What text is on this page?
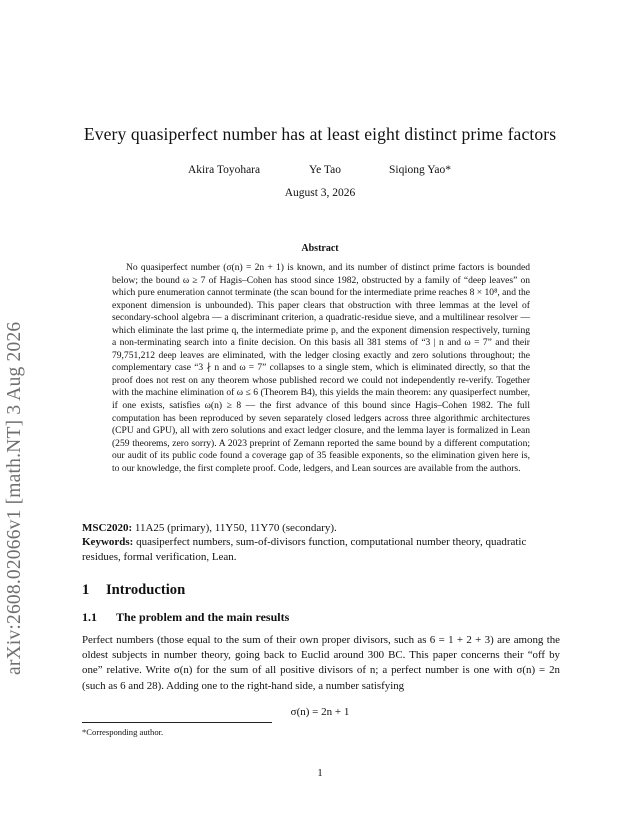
arXiv:2608.02066v1 [math.NT] 3 Aug 2026
Every quasiperfect number has at least eight distinct prime factors
Akira Toyohara	Ye Tao	Siqiong Yao*
August 3, 2026
Abstract

No quasiperfect number (σ(n) = 2n + 1) is known, and its number of distinct prime factors is bounded below; the bound ω ≥ 7 of Hagis–Cohen has stood since 1982, obstructed by a family of “deep leaves” on which pure enumeration cannot terminate (the scan bound for the intermediate prime reaches 8 × 10⁸, and the exponent dimension is unbounded). This paper clears that obstruction with three lemmas at the level of secondary-school algebra — a discriminant criterion, a quadratic-residue sieve, and a multilinear resolver — which eliminate the last prime q, the intermediate prime p, and the exponent dimension respectively, turning a non-terminating search into a finite decision. On this basis all 381 stems of “3 | n and ω = 7” and their 79,751,212 deep leaves are eliminated, with the ledger closing exactly and zero solutions throughout; the complementary case “3 ∤ n and ω = 7” collapses to a single stem, which is eliminated directly, so that the proof does not rest on any theorem whose published record we could not independently re-verify. Together with the machine elimination of ω ≤ 6 (Theorem B4), this yields the main theorem: any quasiperfect number, if one exists, satisfies ω(n) ≥ 8 — the first advance of this bound since Hagis–Cohen 1982. The full computation has been reproduced by seven separately closed ledgers across three algorithmic architectures (CPU and GPU), all with zero solutions and exact ledger closure, and the lemma layer is formalized in Lean (259 theorems, zero sorry). A 2023 preprint of Zemann reported the same bound by a different computation; our audit of its public code found a coverage gap of 35 feasible exponents, so the elimination given here is, to our knowledge, the first complete proof. Code, ledgers, and Lean sources are available from the authors.

MSC2020: 11A25 (primary), 11Y50, 11Y70 (secondary).

Keywords: quasiperfect numbers, sum-of-divisors function, computational number theory, quadratic residues, formal verification, Lean.

1 Introduction
1.1 The problem and the main results

Perfect numbers (those equal to the sum of their own proper divisors, such as 6 = 1 + 2 + 3) are among the oldest subjects in number theory, going back to Euclid around 300 BC. This paper concerns their “off by one” relative. Write σ(n) for the sum of all positive divisors of n; a perfect number is one with σ(n) = 2n (such as 6 and 28). Adding one to the right-hand side, a number satisfying

σ(n) = 2n + 1
*Corresponding author.
1
